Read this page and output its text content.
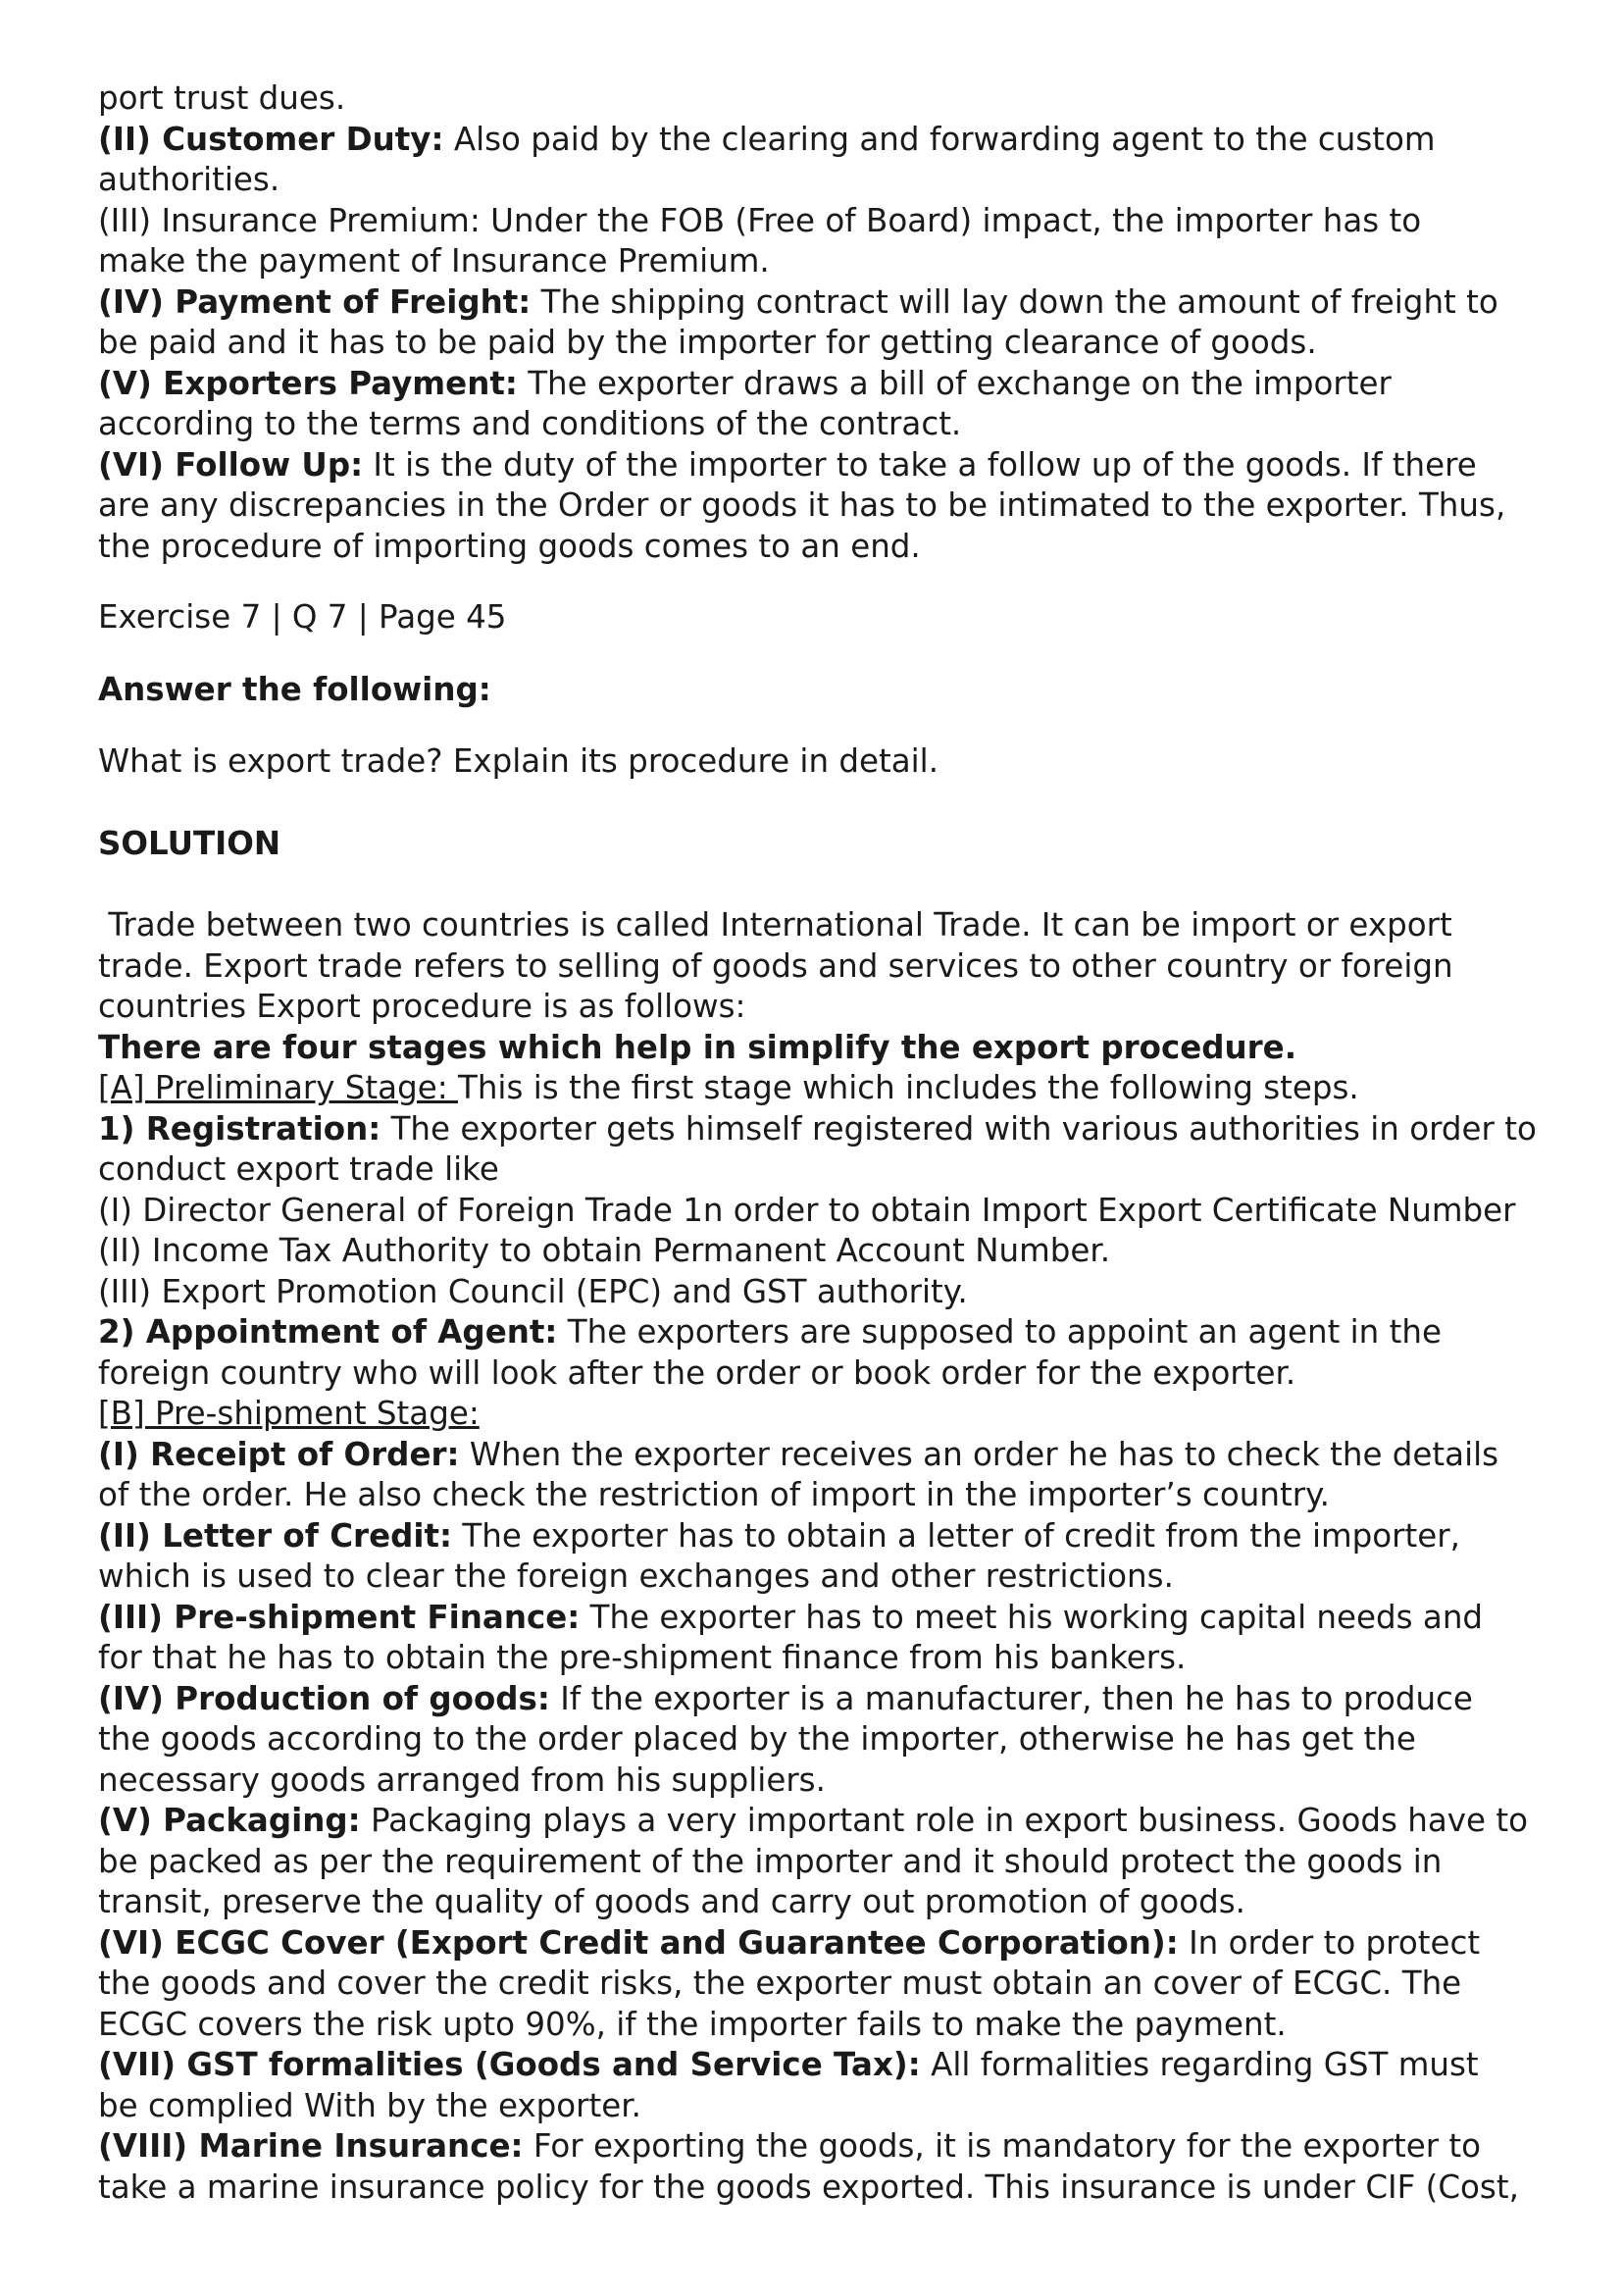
port trust dues.
(II) Customer Duty: Also paid by the clearing and forwarding agent to the custom
authorities.
(III) Insurance Premium: Under the FOB (Free of Board) impact, the importer has to
make the payment of Insurance Premium.
(IV) Payment of Freight: The shipping contract will lay down the amount of freight to
be paid and it has to be paid by the importer for getting clearance of goods.
(V) Exporters Payment: The exporter draws a bill of exchange on the importer
according to the terms and conditions of the contract.
(VI) Follow Up: It is the duty of the importer to take a follow up of the goods. If there
are any discrepancies in the Order or goods it has to be intimated to the exporter. Thus,
the procedure of importing goods comes to an end.
Exercise 7 | Q 7 | Page 45
Answer the following:
What is export trade? Explain its procedure in detail.
SOLUTION
Trade between two countries is called International Trade. It can be import or export
trade. Export trade refers to selling of goods and services to other country or foreign
countries Export procedure is as follows:
There are four stages which help in simplify the export procedure.
[A] Preliminary Stage: This is the first stage which includes the following steps.
1) Registration: The exporter gets himself registered with various authorities in order to
conduct export trade like
(I) Director General of Foreign Trade 1n order to obtain Import Export Certificate Number
(II) Income Tax Authority to obtain Permanent Account Number.
(III) Export Promotion Council (EPC) and GST authority.
2) Appointment of Agent: The exporters are supposed to appoint an agent in the
foreign country who will look after the order or book order for the exporter.
[B] Pre-shipment Stage:
(I) Receipt of Order: When the exporter receives an order he has to check the details
of the order. He also check the restriction of import in the importer’s country.
(II) Letter of Credit: The exporter has to obtain a letter of credit from the importer,
which is used to clear the foreign exchanges and other restrictions.
(III) Pre-shipment Finance: The exporter has to meet his working capital needs and
for that he has to obtain the pre-shipment finance from his bankers.
(IV) Production of goods: If the exporter is a manufacturer, then he has to produce
the goods according to the order placed by the importer, otherwise he has get the
necessary goods arranged from his suppliers.
(V) Packaging: Packaging plays a very important role in export business. Goods have to
be packed as per the requirement of the importer and it should protect the goods in
transit, preserve the quality of goods and carry out promotion of goods.
(VI) ECGC Cover (Export Credit and Guarantee Corporation): In order to protect
the goods and cover the credit risks, the exporter must obtain an cover of ECGC. The
ECGC covers the risk upto 90%, if the importer fails to make the payment.
(VII) GST formalities (Goods and Service Tax): All formalities regarding GST must
be complied With by the exporter.
(VIII) Marine Insurance: For exporting the goods, it is mandatory for the exporter to
take a marine insurance policy for the goods exported. This insurance is under CIF (Cost,
